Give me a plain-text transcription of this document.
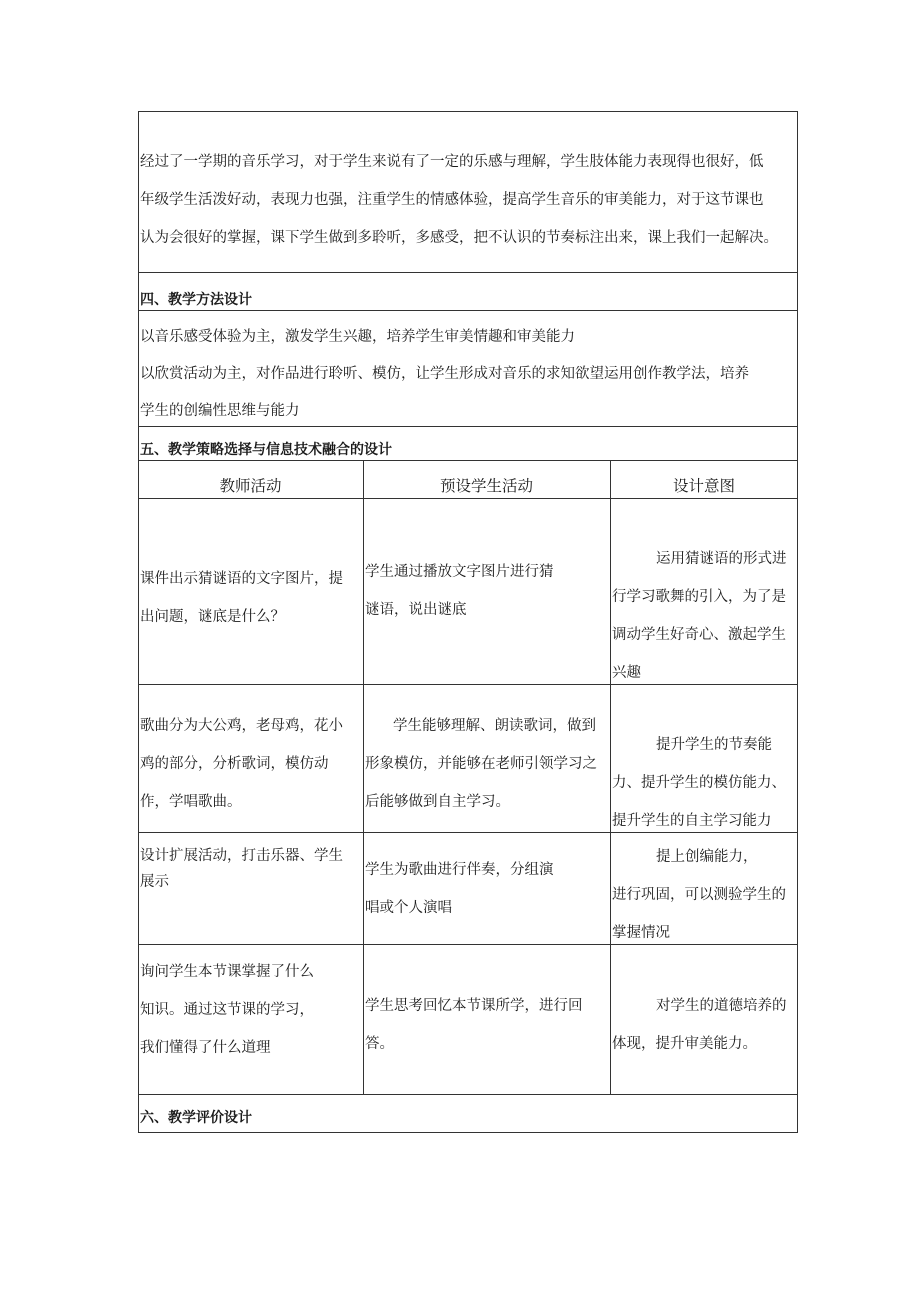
经过了一学期的音乐学习，对于学生来说有了一定的乐感与理解，学生肢体能力表现得也很好，低
年级学生活泼好动，表现力也强，注重学生的情感体验，提高学生音乐的审美能力，对于这节课也
认为会很好的掌握，课下学生做到多聆听，多感受，把不认识的节奏标注出来，课上我们一起解决。
四、教学方法设计
以音乐感受体验为主，激发学生兴趣，培养学生审美情趣和审美能力
以欣赏活动为主，对作品进行聆听、模仿，让学生形成对音乐的求知欲望运用创作教学法，培养
学生的创编性思维与能力
五、教学策略选择与信息技术融合的设计
教师活动	预设学生活动	设计意图
课件出示猜谜语的文字图片，提
出问题，谜底是什么？
学生通过播放文字图片进行猜
谜语，说出谜底
运用猜谜语的形式进
行学习歌舞的引入，为了是
调动学生好奇心、激起学生
兴趣
歌曲分为大公鸡，老母鸡，花小
鸡的部分，分析歌词，模仿动
作，学唱歌曲。
学生能够理解、朗读歌词，做到
形象模仿，并能够在老师引领学习之
后能够做到自主学习。
提升学生的节奏能
力、提升学生的模仿能力、
提升学生的自主学习能力
设计扩展活动，打击乐器、学生
展示
学生为歌曲进行伴奏，分组演
唱或个人演唱
提上创编能力，
进行巩固，可以测验学生的
掌握情况
询问学生本节课掌握了什么
知识。通过这节课的学习，
我们懂得了什么道理
学生思考回忆本节课所学，进行回
答。
对学生的道德培养的
体现，提升审美能力。
六、教学评价设计
